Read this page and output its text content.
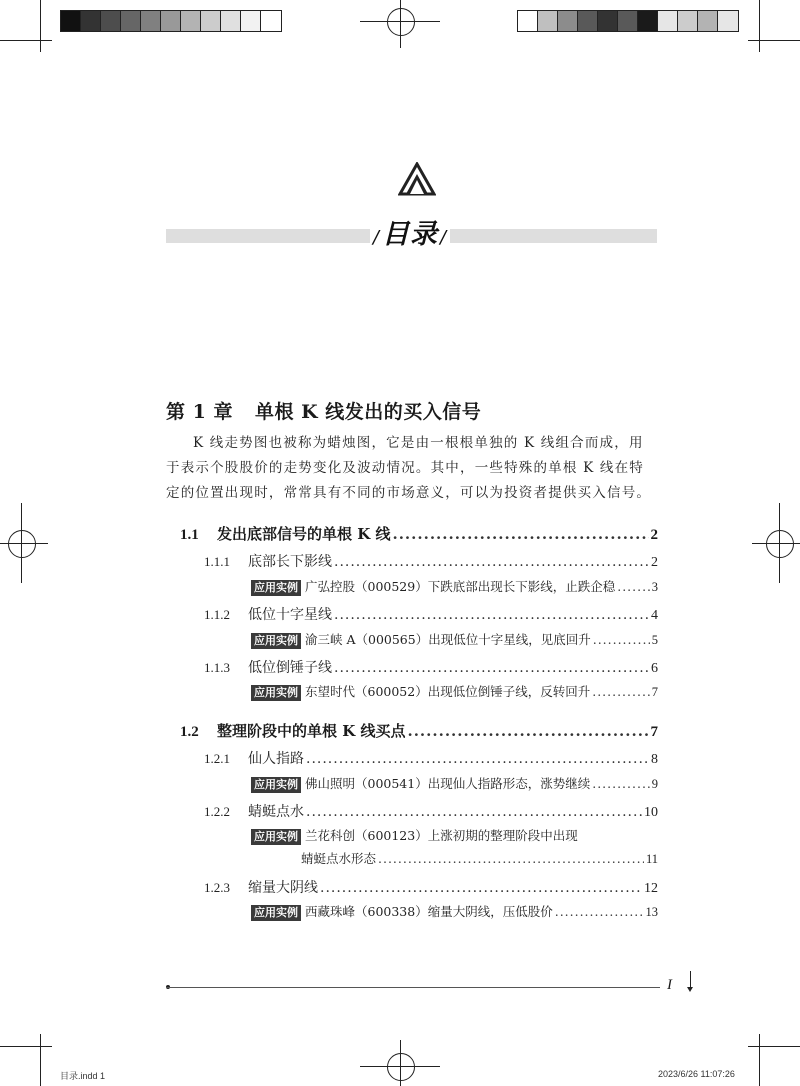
/目录 /
第 1 章 单根 K 线发出的买入信号

K 线走势图也被称为蜡烛图，它是由一根根单独的 K 线组合而成，用于表示个股股价的走势变化及波动情况。其中，一些特殊的单根 K 线在特定的位置出现时，常常具有不同的市场意义，可以为投资者提供买入信号。

1.1	发出底部信号的单根 K 线 .....	2
1.1.1	底部长下影线 .....	2
应用实例 广弘控股（000529）下跌底部出现长下影线，止跌企稳 .....	3
1.1.2	低位十字星线 .....	4
应用实例 渝三峡 A（000565）出现低位十字星线，见底回升 .....	5
1.1.3	低位倒锤子线 .....	6
应用实例 东望时代（600052）出现低位倒锤子线，反转回升 .....	7
1.2	整理阶段中的单根 K 线买点 .....	7
1.2.1	仙人指路 .....	8
应用实例 佛山照明（000541）出现仙人指路形态，涨势继续 .....	9
1.2.2	蜻蜓点水 .....	10
应用实例 兰花科创（600123）上涨初期的整理阶段中出现
蜻蜓点水形态 .....	11
1.2.3	缩量大阴线 .....	12
应用实例 西藏珠峰（600338）缩量大阴线，压低股价 .....	13
I
目录.indd 1	2023/6/26 11:07:26
